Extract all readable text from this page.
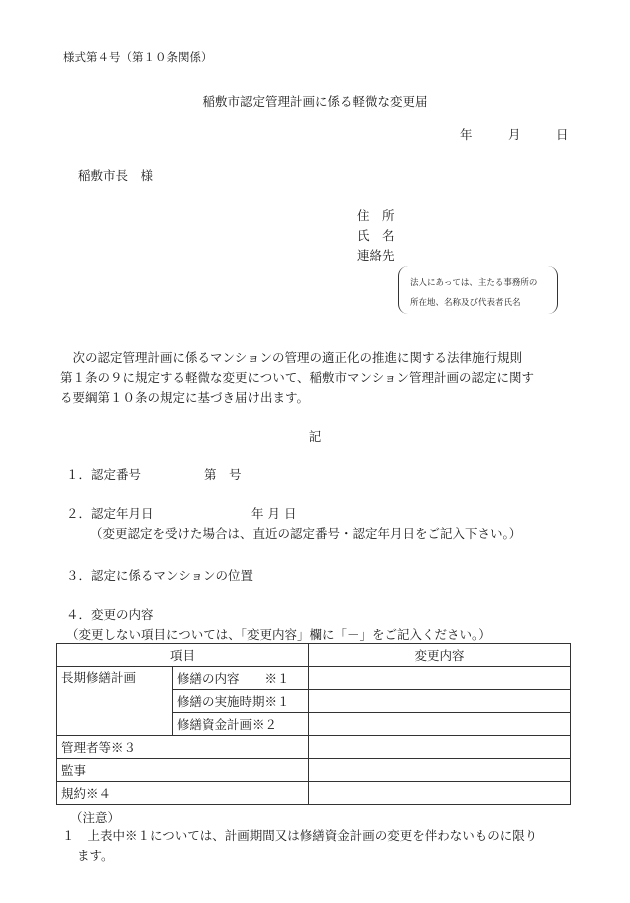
様式第４号（第１０条関係）
稲敷市認定管理計画に係る軽微な変更届
年	月	日
稲敷市長　様
住　所
氏　名
連絡先
法人にあっては、主たる事務所の
所在地、名称及び代表者氏名

　次の認定管理計画に係るマンションの管理の適正化の推進に関する法律施行規則

第１条の９に規定する軽微な変更について、稲敷市マンション管理計画の認定に関す

る要綱第１０条の規定に基づき届け出ます。

記
１．認定番号	第　号
２．認定年月日	年 月 日
（変更認定を受けた場合は、直近の認定番号・認定年月日をご記入下さい。）
３．認定に係るマンションの位置
４．変更の内容
（変更しない項目については、「変更内容」欄に「－」をご記入ください。）
項目		変更内容
長期修繕計画	修繕の内容　　※１	
	修繕の実施時期※１	
	修繕資金計画※２	
管理者等※３		
監事		
規約※４		
（注意）
１ 　上表中※１については、計画期間又は修繕資金計画の変更を伴わないものに限り
ます。
